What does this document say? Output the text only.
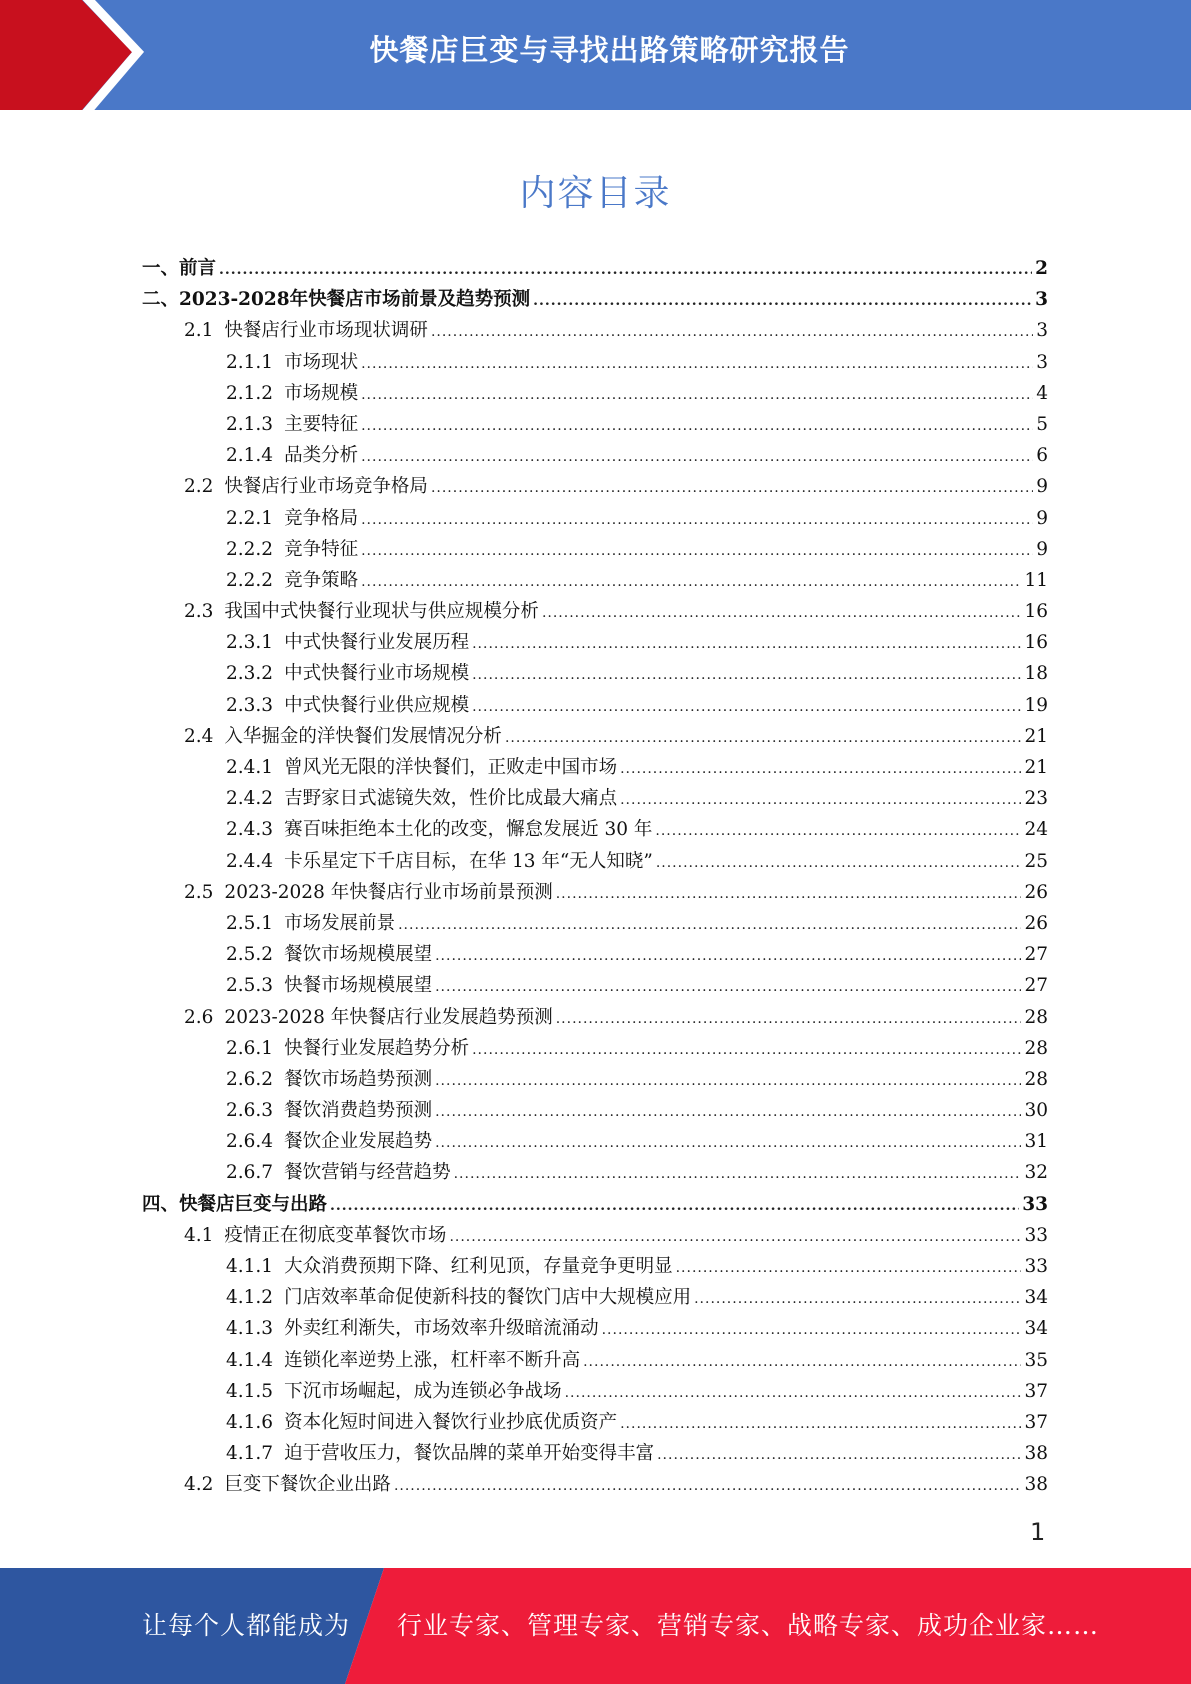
快餐店巨变与寻找出路策略研究报告
内容目录
一、前言 .....	2
二、2023-2028年快餐店市场前景及趋势预测 .....	3
2.1 快餐店行业市场现状调研 .....	3
2.1.1 市场现状 .....	3
2.1.2 市场规模 .....	4
2.1.3 主要特征 .....	5
2.1.4 品类分析 .....	6
2.2 快餐店行业市场竞争格局 .....	9
2.2.1 竞争格局 .....	9
2.2.2 竞争特征 .....	9
2.2.2 竞争策略 .....	11
2.3 我国中式快餐行业现状与供应规模分析 .....	16
2.3.1 中式快餐行业发展历程 .....	16
2.3.2 中式快餐行业市场规模 .....	18
2.3.3 中式快餐行业供应规模 .....	19
2.4 入华掘金的洋快餐们发展情况分析 .....	21
2.4.1 曾风光无限的洋快餐们，正败走中国市场 .....	21
2.4.2 吉野家日式滤镜失效，性价比成最大痛点 .....	23
2.4.3 赛百味拒绝本土化的改变，懈怠发展近 30 年 .....	24
2.4.4 卡乐星定下千店目标，在华 13 年“无人知晓” .....	25
2.5 2023-2028 年快餐店行业市场前景预测 .....	26
2.5.1 市场发展前景 .....	26
2.5.2 餐饮市场规模展望 .....	27
2.5.3 快餐市场规模展望 .....	27
2.6 2023-2028 年快餐店行业发展趋势预测 .....	28
2.6.1 快餐行业发展趋势分析 .....	28
2.6.2 餐饮市场趋势预测 .....	28
2.6.3 餐饮消费趋势预测 .....	30
2.6.4 餐饮企业发展趋势 .....	31
2.6.7 餐饮营销与经营趋势 .....	32
四、快餐店巨变与出路 .....	33
4.1 疫情正在彻底变革餐饮市场 .....	33
4.1.1 大众消费预期下降、红利见顶，存量竞争更明显 .....	33
4.1.2 门店效率革命促使新科技的餐饮门店中大规模应用 .....	34
4.1.3 外卖红利渐失，市场效率升级暗流涌动 .....	34
4.1.4 连锁化率逆势上涨，杠杆率不断升高 .....	35
4.1.5 下沉市场崛起，成为连锁必争战场 .....	37
4.1.6 资本化短时间进入餐饮行业抄底优质资产 .....	37
4.1.7 迫于营收压力，餐饮品牌的菜单开始变得丰富 .....	38
4.2 巨变下餐饮企业出路 .....	38
1
让每个人都能成为 行业专家、管理专家、营销专家、战略专家、成功企业家……
